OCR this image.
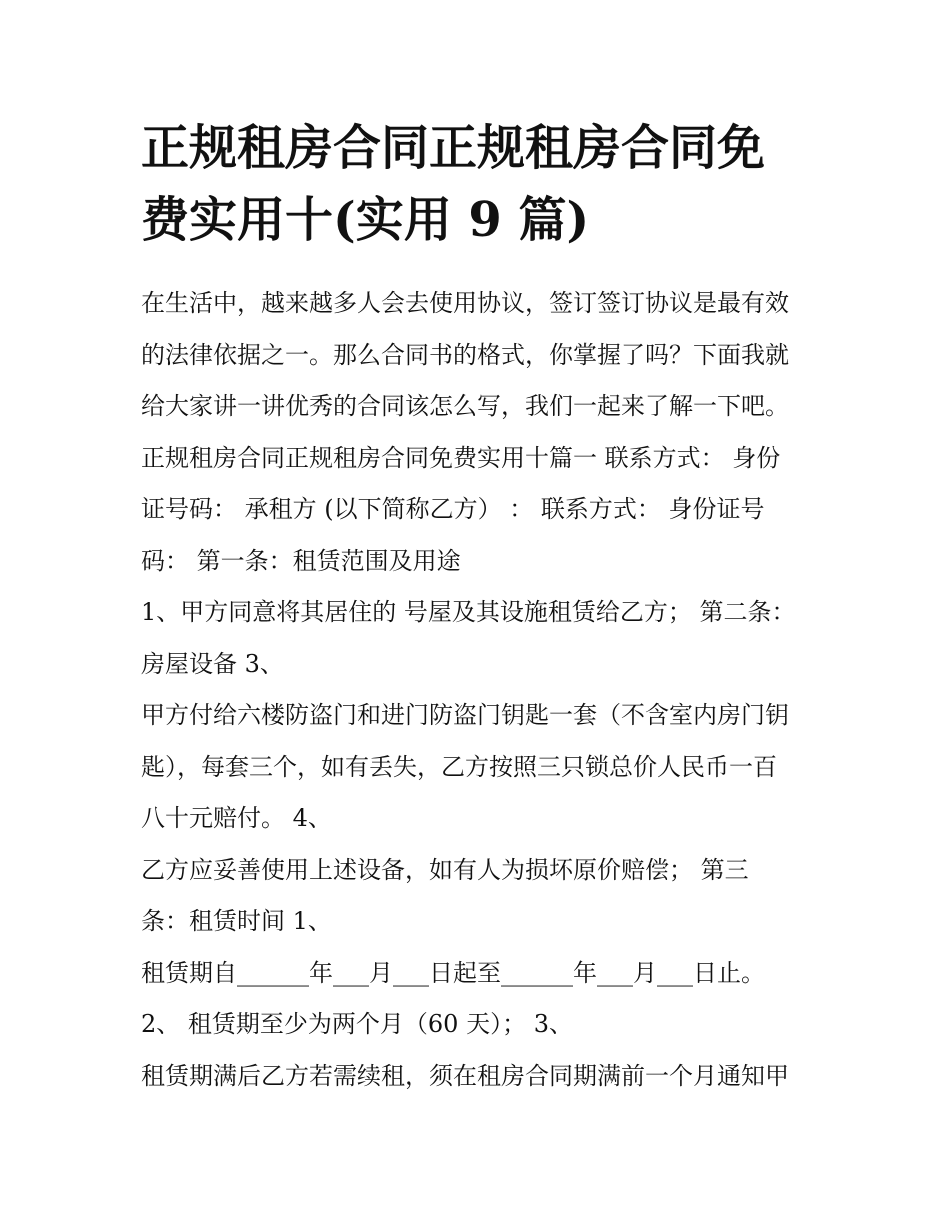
正规租房合同正规租房合同免
费实用十(实用 9 篇)
在生活中，越来越多人会去使用协议，签订签订协议是最有效
的法律依据之一。那么合同书的格式，你掌握了吗？下面我就
给大家讲一讲优秀的合同该怎么写，我们一起来了解一下吧。
正规租房合同正规租房合同免费实用十篇一 联系方式： 身份
证号码： 承租方 (以下简称乙方） ： 联系方式： 身份证号
码： 第一条：租赁范围及用途
1、甲方同意将其居住的 号屋及其设施租赁给乙方； 第二条：
房屋设备 3、
甲方付给六楼防盗门和进门防盗门钥匙一套（不含室内房门钥
匙），每套三个，如有丢失，乙方按照三只锁总价人民币一百
八十元赔付。 4、
乙方应妥善使用上述设备，如有人为损坏原价赔偿； 第三
条：租赁时间 1、
租赁期自______年___月___日起至______年___月___日止。
2、 租赁期至少为两个月（60 天）； 3、
租赁期满后乙方若需续租，须在租房合同期满前一个月通知甲
